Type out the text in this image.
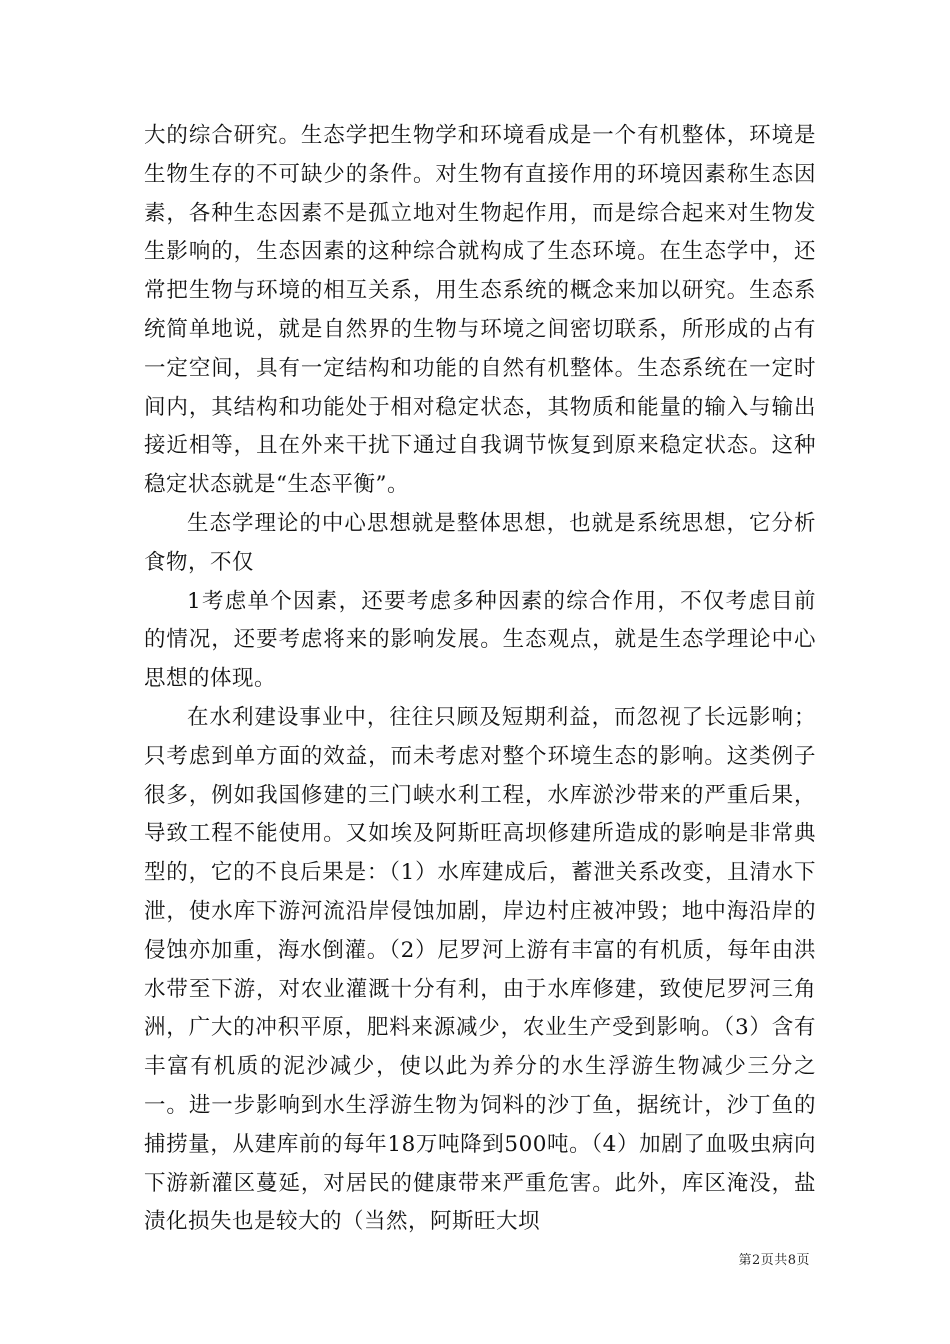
大的综合研究。生态学把生物学和环境看成是一个有机整体，环境是生物生存的不可缺少的条件。对生物有直接作用的环境因素称生态因素，各种生态因素不是孤立地对生物起作用，而是综合起来对生物发生影响的，生态因素的这种综合就构成了生态环境。在生态学中，还常把生物与环境的相互关系，用生态系统的概念来加以研究。生态系统简单地说，就是自然界的生物与环境之间密切联系，所形成的占有一定空间，具有一定结构和功能的自然有机整体。生态系统在一定时间内，其结构和功能处于相对稳定状态，其物质和能量的输入与输出接近相等，且在外来干扰下通过自我调节恢复到原来稳定状态。这种稳定状态就是“生态平衡”。

生态学理论的中心思想就是整体思想，也就是系统思想，它分析食物，不仅

1考虑单个因素，还要考虑多种因素的综合作用，不仅考虑目前的情况，还要考虑将来的影响发展。生态观点，就是生态学理论中心思想的体现。

在水利建设事业中，往往只顾及短期利益，而忽视了长远影响；只考虑到单方面的效益，而未考虑对整个环境生态的影响。这类例子很多，例如我国修建的三门峡水利工程，水库淤沙带来的严重后果，导致工程不能使用。又如埃及阿斯旺高坝修建所造成的影响是非常典型的，它的不良后果是：（1）水库建成后，蓄泄关系改变，且清水下泄，使水库下游河流沿岸侵蚀加剧，岸边村庄被冲毁；地中海沿岸的侵蚀亦加重，海水倒灌。（2）尼罗河上游有丰富的有机质，每年由洪水带至下游，对农业灌溉十分有利，由于水库修建，致使尼罗河三角洲，广大的冲积平原，肥料来源减少，农业生产受到影响。（3）含有丰富有机质的泥沙减少，使以此为养分的水生浮游生物减少三分之一。进一步影响到水生浮游生物为饲料的沙丁鱼，据统计，沙丁鱼的捕捞量，从建库前的每年18万吨降到500吨。（4）加剧了血吸虫病向下游新灌区蔓延，对居民的健康带来严重危害。此外，库区淹没，盐渍化损失也是较大的（当然，阿斯旺大坝

第2页共8页
